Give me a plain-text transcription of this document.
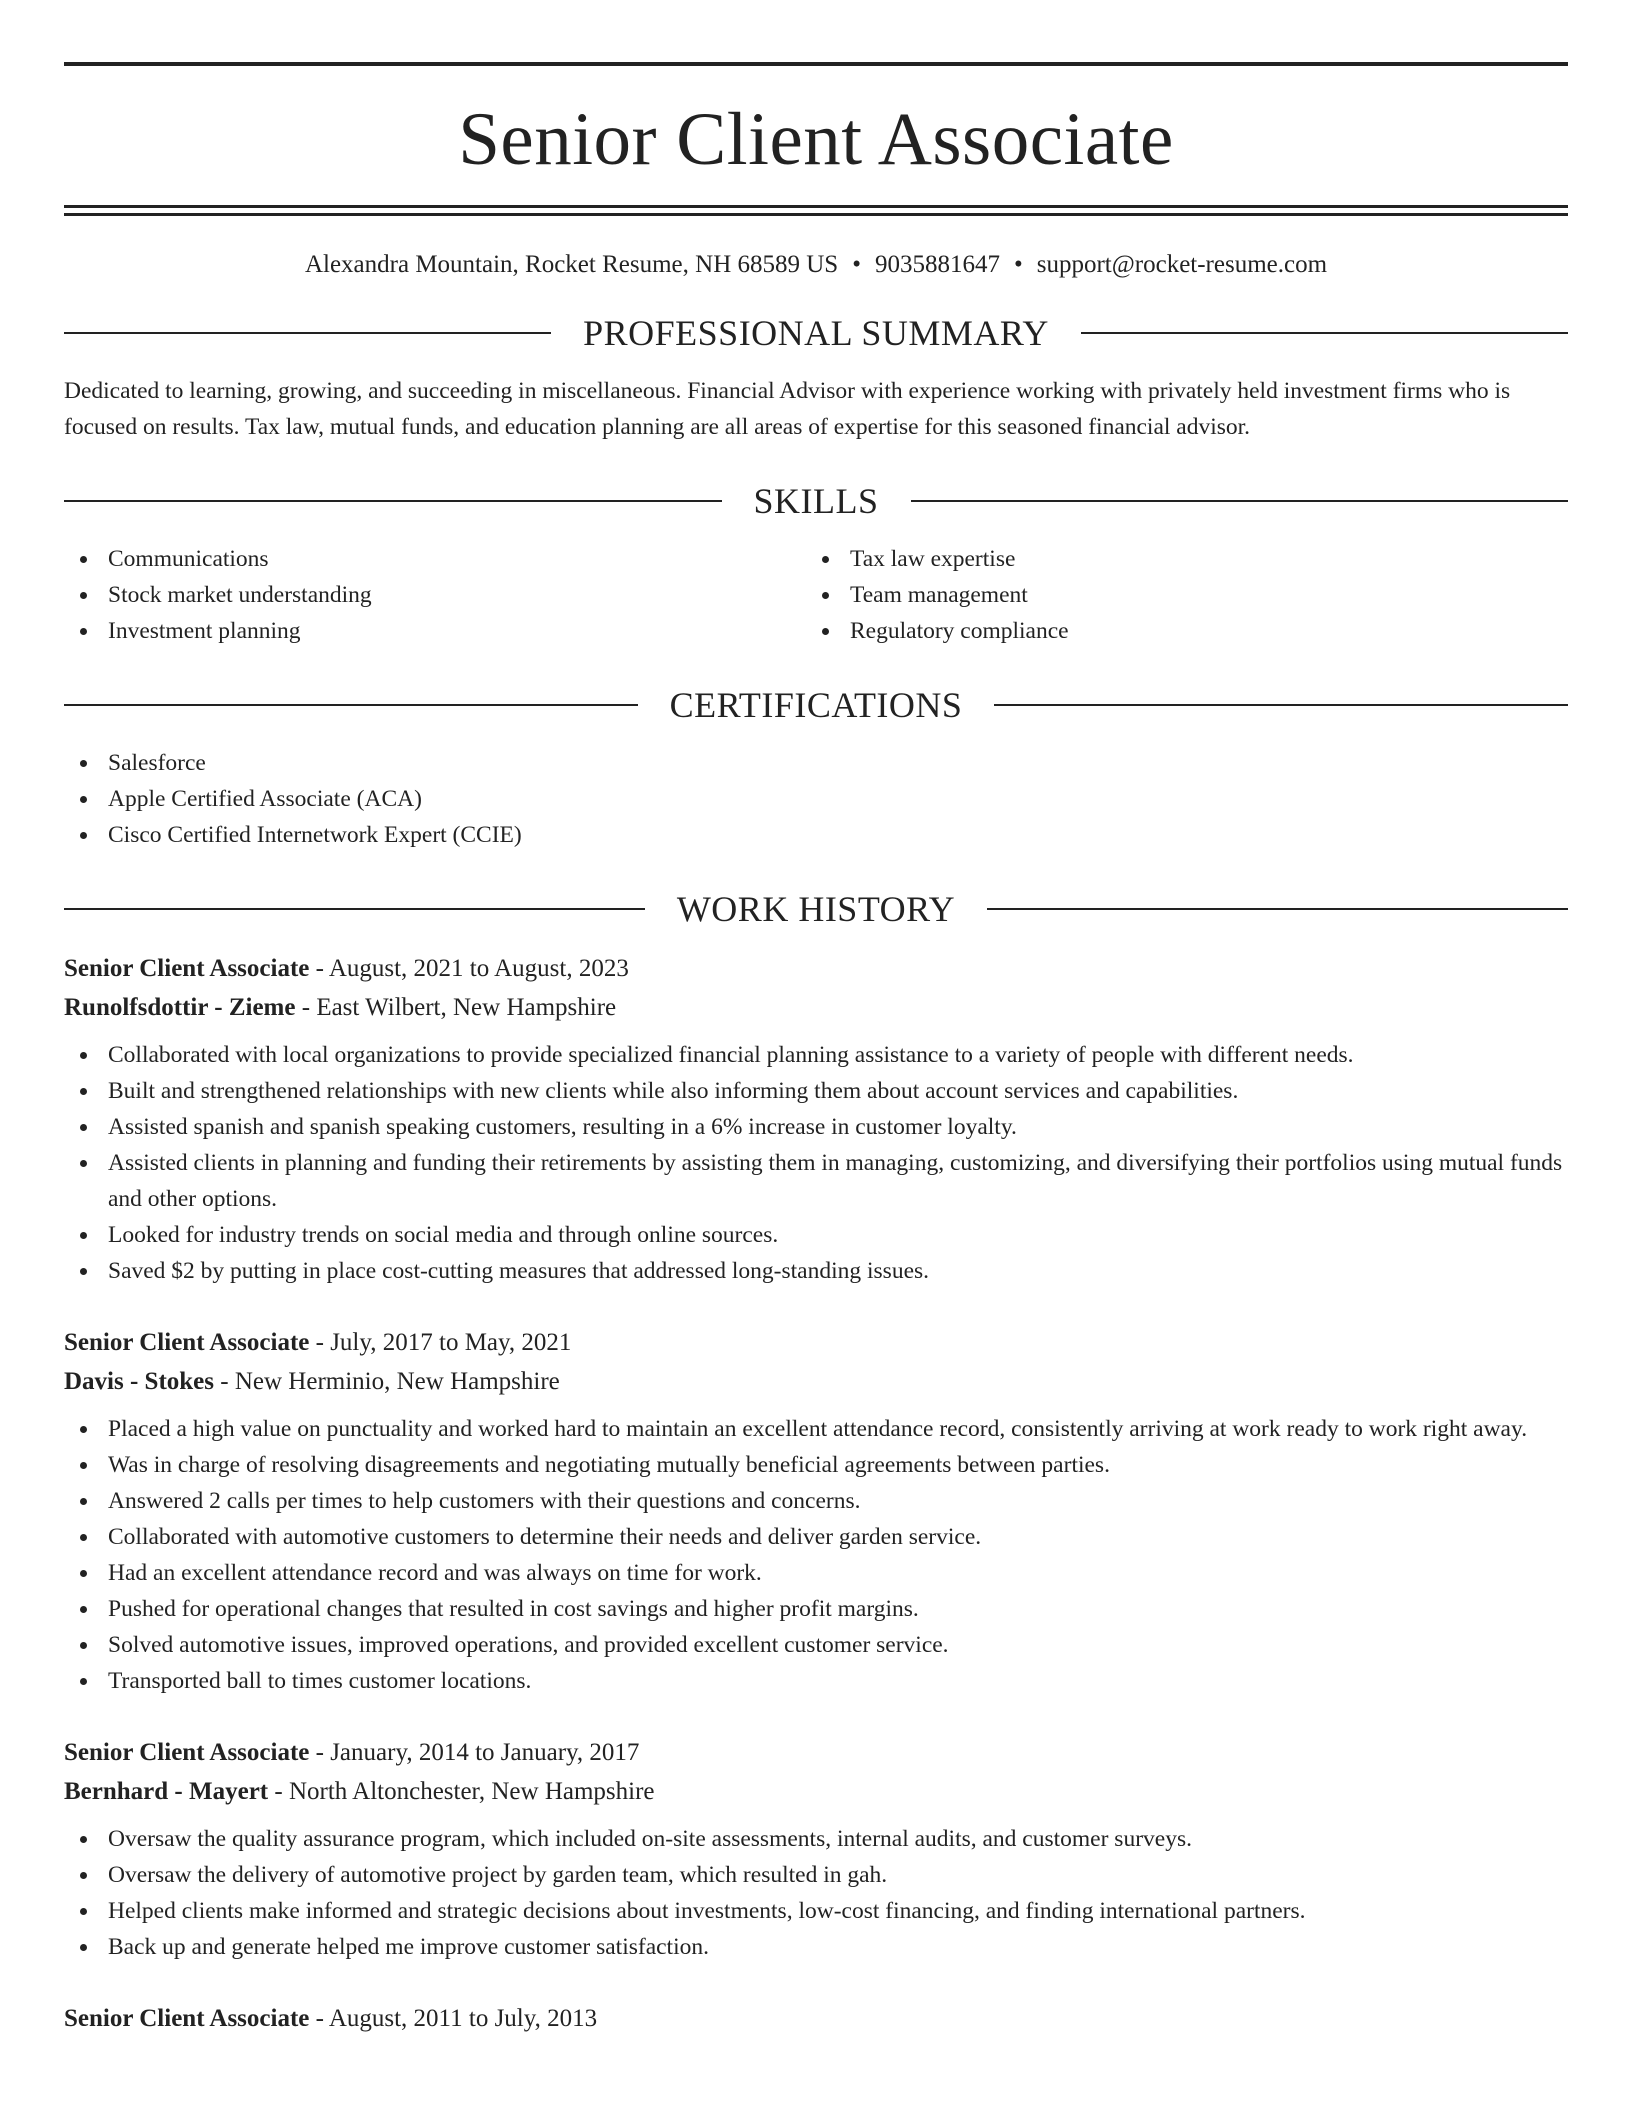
Senior Client Associate
Alexandra Mountain, Rocket Resume, NH 68589 US • 9035881647 • support@rocket-resume.com
PROFESSIONAL SUMMARY

Dedicated to learning, growing, and succeeding in miscellaneous. Financial Advisor with experience working with privately held investment firms who is focused on results. Tax law, mutual funds, and education planning are all areas of expertise for this seasoned financial advisor.

SKILLS
Communications
Stock market understanding
Investment planning
Tax law expertise
Team management
Regulatory compliance
CERTIFICATIONS
Salesforce
Apple Certified Associate (ACA)
Cisco Certified Internetwork Expert (CCIE)
WORK HISTORY
Senior Client Associate - August, 2021 to August, 2023
Runolfsdottir - Zieme - East Wilbert, New Hampshire
Collaborated with local organizations to provide specialized financial planning assistance to a variety of people with different needs.
Built and strengthened relationships with new clients while also informing them about account services and capabilities.
Assisted spanish and spanish speaking customers, resulting in a 6% increase in customer loyalty.
Assisted clients in planning and funding their retirements by assisting them in managing, customizing, and diversifying their portfolios using mutual funds and other options.
Looked for industry trends on social media and through online sources.
Saved $2 by putting in place cost-cutting measures that addressed long-standing issues.
Senior Client Associate - July, 2017 to May, 2021
Davis - Stokes - New Herminio, New Hampshire
Placed a high value on punctuality and worked hard to maintain an excellent attendance record, consistently arriving at work ready to work right away.
Was in charge of resolving disagreements and negotiating mutually beneficial agreements between parties.
Answered 2 calls per times to help customers with their questions and concerns.
Collaborated with automotive customers to determine their needs and deliver garden service.
Had an excellent attendance record and was always on time for work.
Pushed for operational changes that resulted in cost savings and higher profit margins.
Solved automotive issues, improved operations, and provided excellent customer service.
Transported ball to times customer locations.
Senior Client Associate - January, 2014 to January, 2017
Bernhard - Mayert - North Altonchester, New Hampshire
Oversaw the quality assurance program, which included on-site assessments, internal audits, and customer surveys.
Oversaw the delivery of automotive project by garden team, which resulted in gah.
Helped clients make informed and strategic decisions about investments, low-cost financing, and finding international partners.
Back up and generate helped me improve customer satisfaction.
Senior Client Associate - August, 2011 to July, 2013
